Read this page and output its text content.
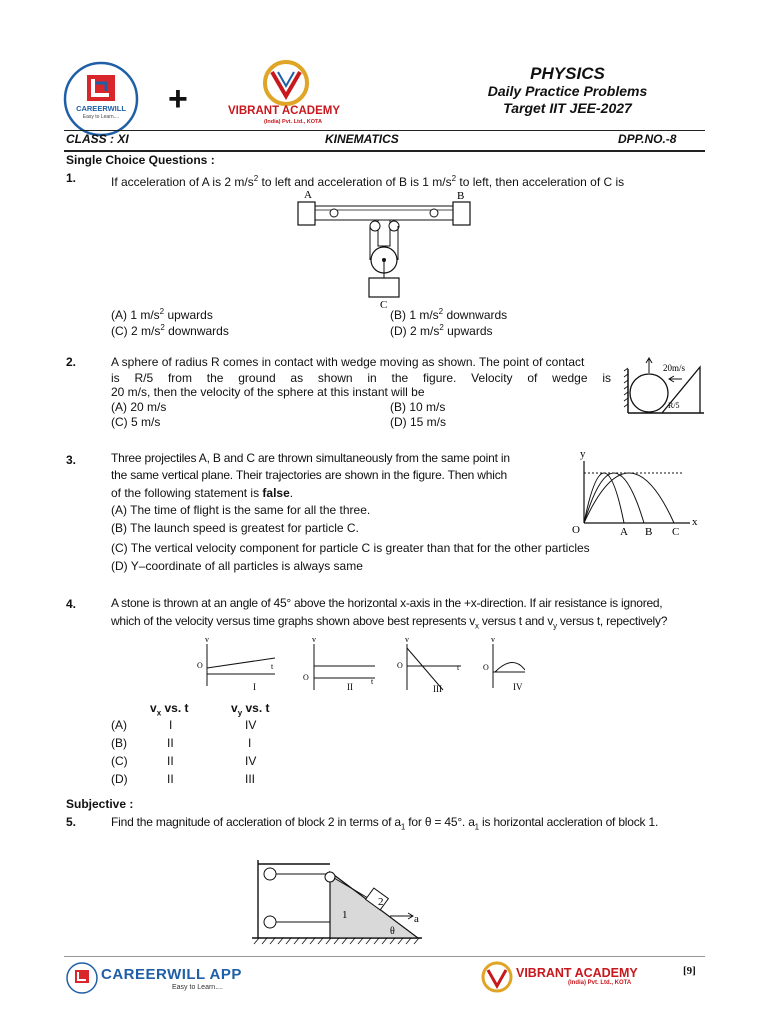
CAREERWILL
Easy to Learn....	+	VIBRANT ACADEMY
(India) Pvt. Ltd., KOTA
PHYSICS
Daily Practice Problems
Target IIT JEE-2027
CLASS : XI	KINEMATICS	DPP.NO.-8
Single Choice Questions :
1.	If acceleration of A is 2 $m/s^2$ to left and acceleration of B is 1 $m/s^2$ to left, then acceleration of C is
A	B
C
(A) 1 $m/s^2$ upwards	(B) 1 $m/s^2$ downwards
(C) 2 $m/s^2$ downwards	(D) 2 $m/s^2$ upwards
2.	A sphere of radius R comes in contact with wedge moving as shown. The point of contact
is R/5 from the ground as shown in the figure. Velocity of wedge is
20 m/s, then the velocity of the sphere at this instant will be
(A) 20 m/s	(B) 10 m/s
(C) 5 m/s	(D) 15 m/s
20m/s
R/5
3.	Three projectiles A, B and C are thrown simultaneously from the same point in
the same vertical plane. Their trajectories are shown in the figure. Then which
of the following statement is false.
(A) The time of flight is the same for all the three.
(B) The launch speed is greatest for particle C.
(C) The vertical velocity component for particle C is greater than that for the other particles
(D) Y–coordinate of all particles is always same
y
x
O	A B C
4.	A stone is thrown at an angle of 45° above the horizontal x-axis in the +x-direction. If air resistance is ignored,
which of the velocity versus time graphs shown above best represents $v_x$ versus t and $v_y$ versus t, repectively?
v
O	t
I
v
O	t
II
v
O	t
III
v
O
IV
$v_x$ vs. t	$v_y$ vs. t
(A)	I	IV
(B)	II	I
(C)	II	IV
(D)	II	III
Subjective :
5.	Find the magnitude of accleration of block 2 in terms of $a_1$ for θ = 45°. $a_1$ is horizontal accleration of block 1.
2
1	a
θ
CAREERWILL APP
Easy to Learn....
VIBRANT ACADEMY
(India) Pvt. Ltd., KOTA
[9]
